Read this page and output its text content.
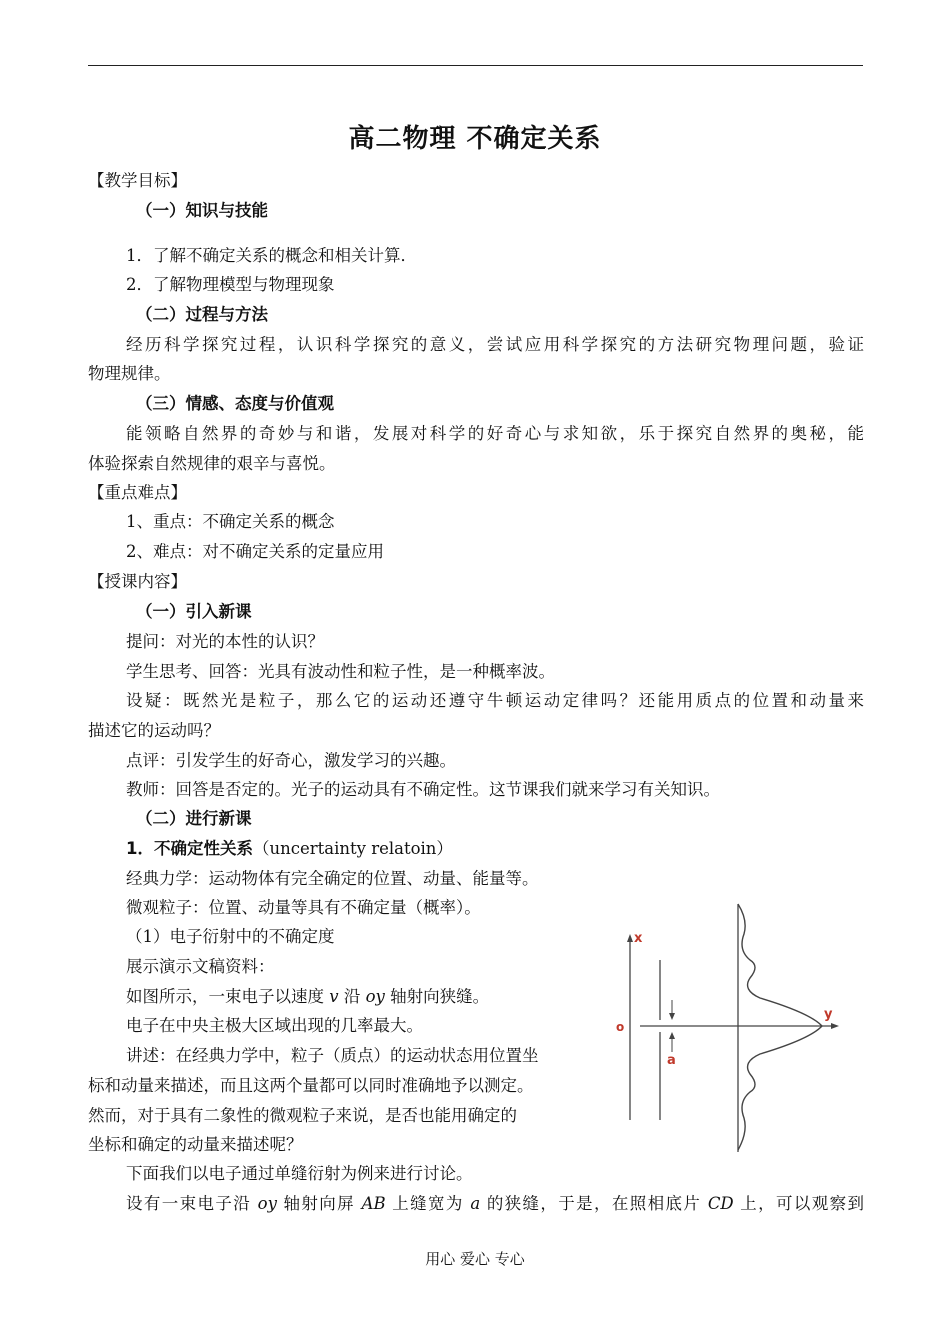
高二物理 不确定关系
【教学目标】
（一）知识与技能
1．了解不确定关系的概念和相关计算．
2．了解物理模型与物理现象
（二）过程与方法
经历科学探究过程，认识科学探究的意义，尝试应用科学探究的方法研究物理问题，验证
物理规律。
（三）情感、态度与价值观
能领略自然界的奇妙与和谐，发展对科学的好奇心与求知欲，乐于探究自然界的奥秘，能
体验探索自然规律的艰辛与喜悦。
【重点难点】
1、重点：不确定关系的概念
2、难点：对不确定关系的定量应用
【授课内容】
（一）引入新课
提问：对光的本性的认识？
学生思考、回答：光具有波动性和粒子性，是一种概率波。
设疑：既然光是粒子，那么它的运动还遵守牛顿运动定律吗？还能用质点的位置和动量来
描述它的运动吗？
点评：引发学生的好奇心，激发学习的兴趣。
教师：回答是否定的。光子的运动具有不确定性。这节课我们就来学习有关知识。
（二）进行新课
1．不确定性关系（uncertainty relatoin）
经典力学：运动物体有完全确定的位置、动量、能量等。
微观粒子：位置、动量等具有不确定量（概率）。
（1）电子衍射中的不确定度
展示演示文稿资料：
如图所示，一束电子以速度 v 沿 oy 轴射向狭缝。
电子在中央主极大区域出现的几率最大。
讲述：在经典力学中，粒子（质点）的运动状态用位置坐
标和动量来描述，而且这两个量都可以同时准确地予以测定。
然而，对于具有二象性的微观粒子来说，是否也能用确定的
坐标和确定的动量来描述呢？
下面我们以电子通过单缝衍射为例来进行讨论。
设有一束电子沿 oy 轴射向屏 AB 上缝宽为 a 的狭缝，于是，在照相底片 CD 上，可以观察到
x
y
o
a
用心 爱心 专心
